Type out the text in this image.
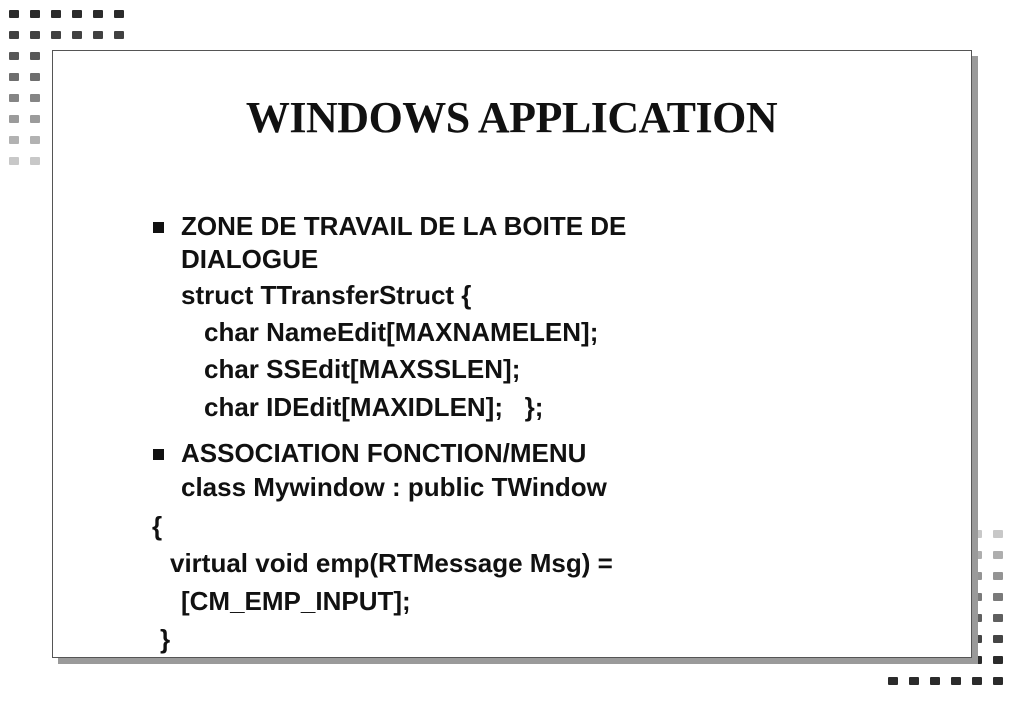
WINDOWS APPLICATION

ZONE DE TRAVAIL DE LA BOITE DE

DIALOGUE

struct TTransferStruct {

char NameEdit[MAXNAMELEN];

char SSEdit[MAXSSLEN];

char IDEdit[MAXIDLEN];   };

ASSOCIATION FONCTION/MENU

class Mywindow : public TWindow

{

virtual void emp(RTMessage Msg) =

[CM_EMP_INPUT];

}
